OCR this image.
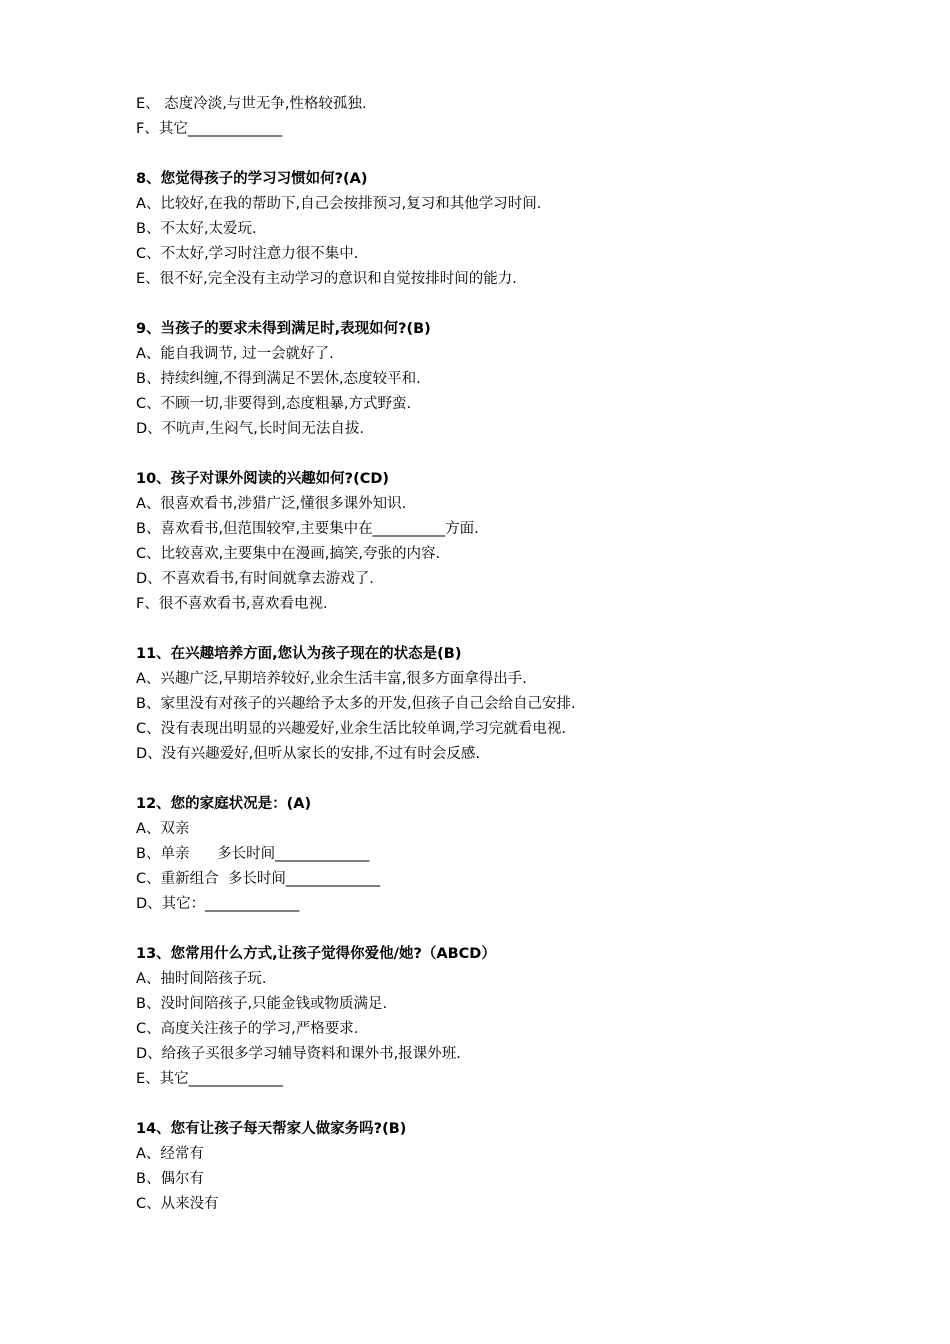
E、 态度冷淡,与世无争,性格较孤独.
F、其它_____________
8、您觉得孩子的学习习惯如何?(A)
A、比较好,在我的帮助下,自己会按排预习,复习和其他学习时间.
B、不太好,太爱玩.
C、不太好,学习时注意力很不集中.
E、很不好,完全没有主动学习的意识和自觉按排时间的能力.
9、当孩子的要求未得到满足时,表现如何?(B)
A、能自我调节, 过一会就好了.
B、持续纠缠,不得到满足不罢休,态度较平和.
C、不顾一切,非要得到,态度粗暴,方式野蛮.
D、不吭声,生闷气,长时间无法自拔.
10、孩子对课外阅读的兴趣如何?(CD)
A、很喜欢看书,涉猎广泛,懂很多课外知识.
B、喜欢看书,但范围较窄,主要集中在__________方面.
C、比较喜欢,主要集中在漫画,搞笑,夸张的内容.
D、不喜欢看书,有时间就拿去游戏了.
F、很不喜欢看书,喜欢看电视.
11、在兴趣培养方面,您认为孩子现在的状态是(B)
A、兴趣广泛,早期培养较好,业余生活丰富,很多方面拿得出手.
B、家里没有对孩子的兴趣给予太多的开发,但孩子自己会给自己安排.
C、没有表现出明显的兴趣爱好,业余生活比较单调,学习完就看电视.
D、没有兴趣爱好,但听从家长的安排,不过有时会反感.
12、您的家庭状况是：(A)
A、双亲
B、单亲      多长时间_____________
C、重新组合  多长时间_____________
D、其它：_____________
13、您常用什么方式,让孩子觉得你爱他/她?（ABCD）
A、抽时间陪孩子玩.
B、没时间陪孩子,只能金钱或物质满足.
C、高度关注孩子的学习,严格要求.
D、给孩子买很多学习辅导资料和课外书,报课外班.
E、其它_____________
14、您有让孩子每天帮家人做家务吗?(B)
A、经常有
B、偶尔有
C、从来没有
